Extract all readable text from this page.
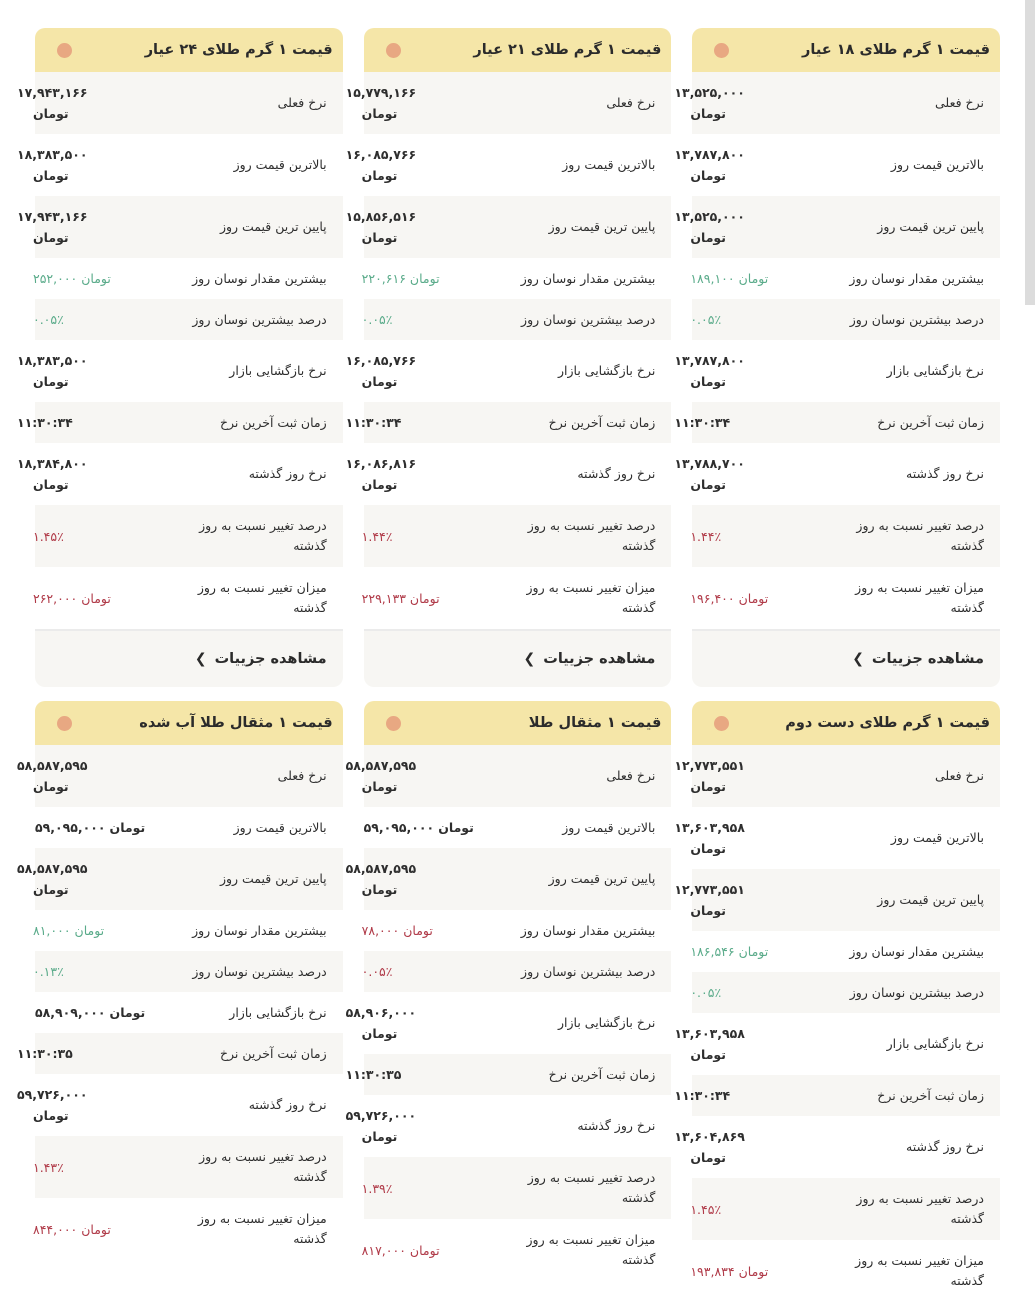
قیمت ۱ گرم طلای ۱۸ عیار
نرخ فعلی
۱۳,۵۲۵,۰۰۰
تومان
بالاترین قیمت روز
۱۳,۷۸۷,۸۰۰
تومان
پایین ترین قیمت روز
۱۳,۵۲۵,۰۰۰
تومان
بیشترین مقدار نوسان روز
تومان
۱۸۹,۱۰۰
درصد بیشترین نوسان روز
۰.۰۵٪
نرخ بازگشایی بازار
۱۳,۷۸۷,۸۰۰
تومان
زمان ثبت آخرین نرخ
۱۱:۳۰:۳۴
نرخ روز گذشته
۱۳,۷۸۸,۷۰۰
تومان
درصد تغییر نسبت به روز گذشته
۱.۴۴٪
میزان تغییر نسبت به روز گذشته
تومان
۱۹۶,۴۰۰
مشاهده جزییات
❯
قیمت ۱ گرم طلای ۲۱ عیار
نرخ فعلی
۱۵,۷۷۹,۱۶۶
تومان
بالاترین قیمت روز
۱۶,۰۸۵,۷۶۶
تومان
پایین ترین قیمت روز
۱۵,۸۵۶,۵۱۶
تومان
بیشترین مقدار نوسان روز
تومان
۲۲۰,۶۱۶
درصد بیشترین نوسان روز
۰.۰۵٪
نرخ بازگشایی بازار
۱۶,۰۸۵,۷۶۶
تومان
زمان ثبت آخرین نرخ
۱۱:۳۰:۳۴
نرخ روز گذشته
۱۶,۰۸۶,۸۱۶
تومان
درصد تغییر نسبت به روز گذشته
۱.۴۴٪
میزان تغییر نسبت به روز گذشته
تومان
۲۲۹,۱۳۳
مشاهده جزییات
❯
قیمت ۱ گرم طلای ۲۴ عیار
نرخ فعلی
۱۷,۹۴۳,۱۶۶
تومان
بالاترین قیمت روز
۱۸,۳۸۳,۵۰۰
تومان
پایین ترین قیمت روز
۱۷,۹۴۳,۱۶۶
تومان
بیشترین مقدار نوسان روز
تومان
۲۵۲,۰۰۰
درصد بیشترین نوسان روز
۰.۰۵٪
نرخ بازگشایی بازار
۱۸,۳۸۳,۵۰۰
تومان
زمان ثبت آخرین نرخ
۱۱:۳۰:۳۴
نرخ روز گذشته
۱۸,۳۸۴,۸۰۰
تومان
درصد تغییر نسبت به روز گذشته
۱.۴۵٪
میزان تغییر نسبت به روز گذشته
تومان
۲۶۲,۰۰۰
مشاهده جزییات
❯
قیمت ۱ گرم طلای دست دوم
نرخ فعلی
۱۲,۷۷۳,۵۵۱
تومان
بالاترین قیمت روز
۱۳,۶۰۳,۹۵۸
تومان
پایین ترین قیمت روز
۱۲,۷۷۳,۵۵۱
تومان
بیشترین مقدار نوسان روز
تومان
۱۸۶,۵۴۶
درصد بیشترین نوسان روز
۰.۰۵٪
نرخ بازگشایی بازار
۱۳,۶۰۳,۹۵۸
تومان
زمان ثبت آخرین نرخ
۱۱:۳۰:۳۴
نرخ روز گذشته
۱۳,۶۰۴,۸۶۹
تومان
درصد تغییر نسبت به روز گذشته
۱.۴۵٪
میزان تغییر نسبت به روز گذشته
تومان
۱۹۳,۸۳۴
قیمت ۱ مثقال طلا
نرخ فعلی
۵۸,۵۸۷,۵۹۵
تومان
بالاترین قیمت روز
تومان
۵۹,۰۹۵,۰۰۰
پایین ترین قیمت روز
۵۸,۵۸۷,۵۹۵
تومان
بیشترین مقدار نوسان روز
تومان
۷۸,۰۰۰
درصد بیشترین نوسان روز
۰.۰۵٪
نرخ بازگشایی بازار
۵۸,۹۰۶,۰۰۰
تومان
زمان ثبت آخرین نرخ
۱۱:۳۰:۳۵
نرخ روز گذشته
۵۹,۷۲۶,۰۰۰
تومان
درصد تغییر نسبت به روز گذشته
۱.۳۹٪
میزان تغییر نسبت به روز گذشته
تومان
۸۱۷,۰۰۰
قیمت ۱ مثقال طلا آب شده
نرخ فعلی
۵۸,۵۸۷,۵۹۵
تومان
بالاترین قیمت روز
تومان
۵۹,۰۹۵,۰۰۰
پایین ترین قیمت روز
۵۸,۵۸۷,۵۹۵
تومان
بیشترین مقدار نوسان روز
تومان
۸۱,۰۰۰
درصد بیشترین نوسان روز
۰.۱۳٪
نرخ بازگشایی بازار
تومان
۵۸,۹۰۹,۰۰۰
زمان ثبت آخرین نرخ
۱۱:۳۰:۳۵
نرخ روز گذشته
۵۹,۷۲۶,۰۰۰
تومان
درصد تغییر نسبت به روز گذشته
۱.۴۳٪
میزان تغییر نسبت به روز گذشته
تومان
۸۴۴,۰۰۰
